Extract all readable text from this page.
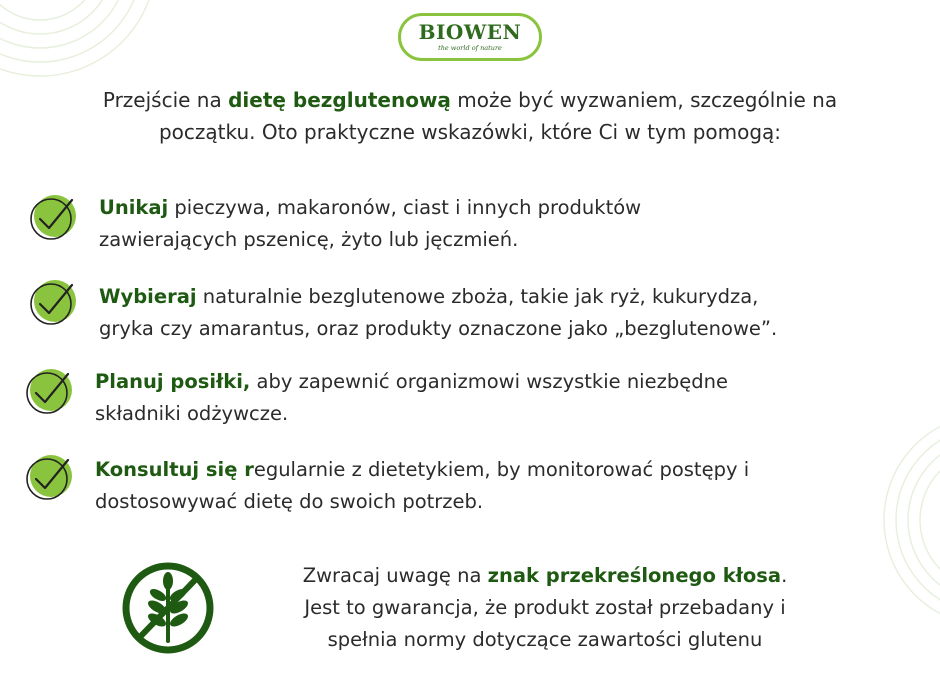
BIOWEN
the world of nature
Przejście na dietę bezglutenową może być wyzwaniem, szczególnie na
początku. Oto praktyczne wskazówki, które Ci w tym pomogą:
Unikaj pieczywa, makaronów, ciast i innych produktów
zawierających pszenicę, żyto lub jęczmień.
Wybieraj naturalnie bezglutenowe zboża, takie jak ryż, kukurydza,
gryka czy amarantus, oraz produkty oznaczone jako „bezglutenowe”.
Planuj posiłki, aby zapewnić organizmowi wszystkie niezbędne
składniki odżywcze.
Konsultuj się regularnie z dietetykiem, by monitorować postępy i
dostosowywać dietę do swoich potrzeb.
Zwracaj uwagę na znak przekreślonego kłosa.
Jest to gwarancja, że produkt został przebadany i
spełnia normy dotyczące zawartości glutenu
